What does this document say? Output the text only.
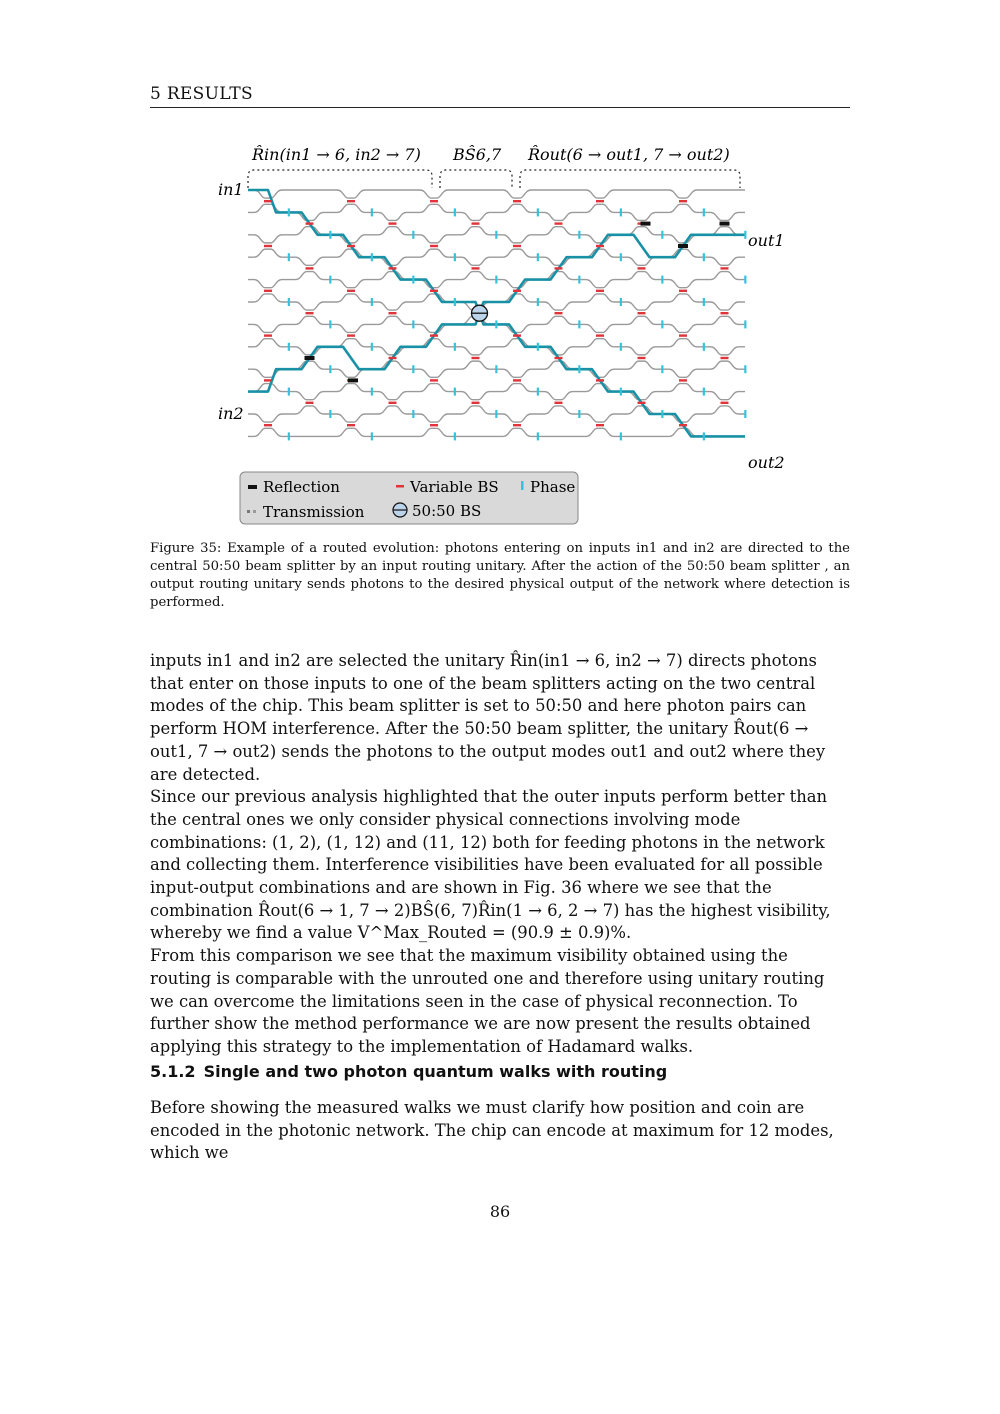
5 RESULTS
R̂in(in1 → 6, in2 → 7) BŜ6,7 R̂out(6 → out1, 7 → out2)
in1
in2
out1
out2
Reflection	Variable BS Phase
Transmission	50:50 BS
Figure 35: Example of a routed evolution: photons entering on inputs in1 and in2 are directed to the central 50:50 beam splitter by an input routing unitary. After the action of the 50:50 beam splitter , an output routing unitary sends photons to the desired physical output of the network where detection is performed.

inputs in1 and in2 are selected the unitary R̂in(in1 → 6, in2 → 7) directs photons that enter on those inputs to one of the beam splitters acting on the two central modes of the chip. This beam splitter is set to 50:50 and here photon pairs can perform HOM interference. After the 50:50 beam splitter, the unitary R̂out(6 → out1, 7 → out2) sends the photons to the output modes out1 and out2 where they are detected.

Since our previous analysis highlighted that the outer inputs perform better than the central ones we only consider physical connections involving mode combinations: (1, 2), (1, 12) and (11, 12) both for feeding photons in the network and collecting them. Interference visibilities have been evaluated for all possible input-output combinations and are shown in Fig. 36 where we see that the combination R̂out(6 → 1, 7 → 2)BŜ(6, 7)R̂in(1 → 6, 2 → 7) has the highest visibility, whereby we find a value V^Max_Routed = (90.9 ± 0.9)%.

From this comparison we see that the maximum visibility obtained using the routing is comparable with the unrouted one and therefore using unitary routing we can overcome the limitations seen in the case of physical reconnection. To further show the method performance we are now present the results obtained applying this strategy to the implementation of Hadamard walks.

5.1.2 Single and two photon quantum walks with routing

Before showing the measured walks we must clarify how position and coin are encoded in the photonic network. The chip can encode at maximum for 12 modes, which we

86
